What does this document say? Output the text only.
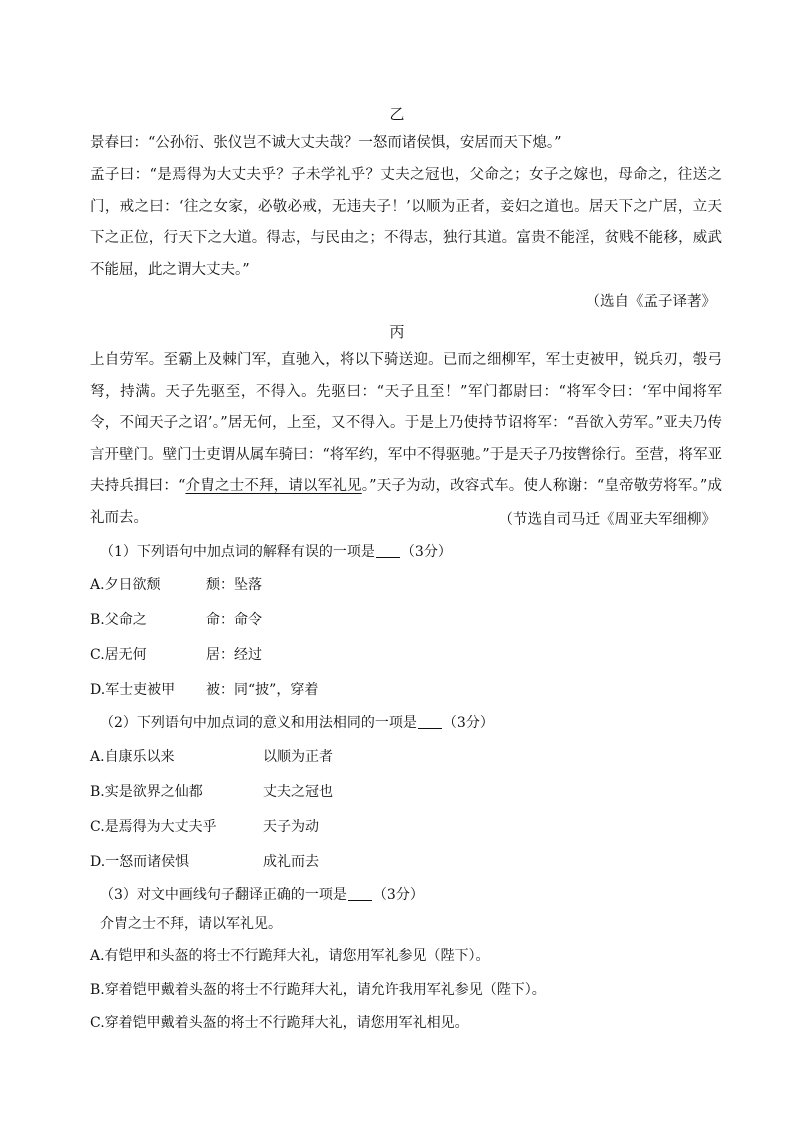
乙
景春曰：“公孙衍、张仪岂不诚大丈夫哉？一怒而诸侯惧，安居而天下熄。”
孟子曰：“是焉得为大丈夫乎？子未学礼乎？丈夫之冠也，父命之；女子之嫁也，母命之，往送之门，戒之曰：‘往之女家，必敬必戒，无违夫子！’以顺为正者，妾妇之道也。居天下之广居，立天下之正位，行天下之大道。得志，与民由之；不得志，独行其道。富贵不能淫，贫贱不能移，威武不能屈，此之谓大丈夫。”
（选自《孟子译著》
丙
上自劳军。至霸上及棘门军，直驰入，将以下骑送迎。已而之细柳军，军士吏被甲，锐兵刃，彀弓弩，持满。天子先驱至，不得入。先驱曰：“天子且至！”军门都尉曰：“将军令曰：‘军中闻将军令，不闻天子之诏’。”居无何，上至，又不得入。于是上乃使持节诏将军：“吾欲入劳军。”亚夫乃传言开壁门。壁门士吏谓从属车骑曰：“将军约，军中不得驱驰。”于是天子乃按辔徐行。至营，将军亚夫持兵揖曰：“介胄之士不拜，请以军礼见。”天子为动，改容式车。使人称谢：“皇帝敬劳将军。”成礼而去。	（节选自司马迁《周亚夫军细柳》
（1）下列语句中加点词的解释有误的一项是 （3分）
A.夕日欲颓	颓：坠落
B.父命之	命：命令
C.居无何	居：经过
D.军士吏被甲 被：同“披”，穿着
（2）下列语句中加点词的意义和用法相同的一项是 （3分）
A.自康乐以来	以顺为正者
B.实是欲界之仙都	丈夫之冠也
C.是焉得为大丈夫乎	天子为动
D.一怒而诸侯惧	成礼而去
（3）对文中画线句子翻译正确的一项是 （3分）
介胄之士不拜，请以军礼见。
A.有铠甲和头盔的将士不行跪拜大礼，请您用军礼参见（陛下）。
B.穿着铠甲戴着头盔的将士不行跪拜大礼，请允许我用军礼参见（陛下）。
C.穿着铠甲戴着头盔的将士不行跪拜大礼，请您用军礼相见。
